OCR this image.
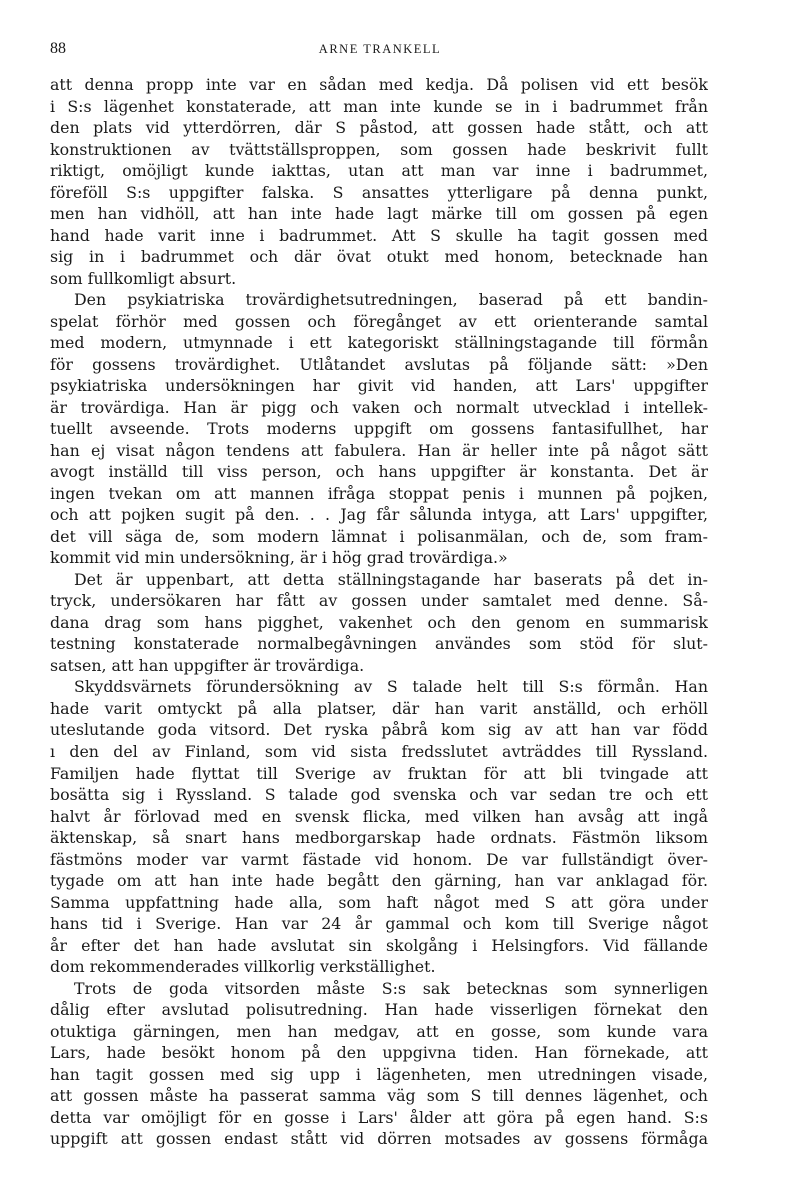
88	ARNE TRANKELL
att denna propp inte var en sådan med kedja. Då polisen vid ett besök
i S:s lägenhet konstaterade, att man inte kunde se in i badrummet från
den plats vid ytterdörren, där S påstod, att gossen hade stått, och att
konstruktionen av tvättställsproppen, som gossen hade beskrivit fullt
riktigt, omöjligt kunde iakttas, utan att man var inne i badrummet,
föreföll S:s uppgifter falska. S ansattes ytterligare på denna punkt,
men han vidhöll, att han inte hade lagt märke till om gossen på egen
hand hade varit inne i badrummet. Att S skulle ha tagit gossen med
sig in i badrummet och där övat otukt med honom, betecknade han
som fullkomligt absurt.
Den psykiatriska trovärdighetsutredningen, baserad på ett bandin-
spelat förhör med gossen och föregånget av ett orienterande samtal
med modern, utmynnade i ett kategoriskt ställningstagande till förmån
för gossens trovärdighet. Utlåtandet avslutas på följande sätt: »Den
psykiatriska undersökningen har givit vid handen, att Lars' uppgifter
är trovärdiga. Han är pigg och vaken och normalt utvecklad i intellek-
tuellt avseende. Trots moderns uppgift om gossens fantasifullhet, har
han ej visat någon tendens att fabulera. Han är heller inte på något sätt
avogt inställd till viss person, och hans uppgifter är konstanta. Det är
ingen tvekan om att mannen ifråga stoppat penis i munnen på pojken,
och att pojken sugit på den. . . Jag får sålunda intyga, att Lars' uppgifter,
det vill säga de, som modern lämnat i polisanmälan, och de, som fram-
kommit vid min undersökning, är i hög grad trovärdiga.»
Det är uppenbart, att detta ställningstagande har baserats på det in-
tryck, undersökaren har fått av gossen under samtalet med denne. Så-
dana drag som hans pigghet, vakenhet och den genom en summarisk
testning konstaterade normalbegåvningen användes som stöd för slut-
satsen, att han uppgifter är trovärdiga.
Skyddsvärnets förundersökning av S talade helt till S:s förmån. Han
hade varit omtyckt på alla platser, där han varit anställd, och erhöll
uteslutande goda vitsord. Det ryska påbrå kom sig av att han var född
ı den del av Finland, som vid sista fredsslutet avträddes till Ryssland.
Familjen hade flyttat till Sverige av fruktan för att bli tvingade att
bosätta sig i Ryssland. S talade god svenska och var sedan tre och ett
halvt år förlovad med en svensk flicka, med vilken han avsåg att ingå
äktenskap, så snart hans medborgarskap hade ordnats. Fästmön liksom
fästmöns moder var varmt fästade vid honom. De var fullständigt över-
tygade om att han inte hade begått den gärning, han var anklagad för.
Samma uppfattning hade alla, som haft något med S att göra under
hans tid i Sverige. Han var 24 år gammal och kom till Sverige något
år efter det han hade avslutat sin skolgång i Helsingfors. Vid fällande
dom rekommenderades villkorlig verkställighet.
Trots de goda vitsorden måste S:s sak betecknas som synnerligen
dålig efter avslutad polisutredning. Han hade visserligen förnekat den
otuktiga gärningen, men han medgav, att en gosse, som kunde vara
Lars, hade besökt honom på den uppgivna tiden. Han förnekade, att
han tagit gossen med sig upp i lägenheten, men utredningen visade,
att gossen måste ha passerat samma väg som S till dennes lägenhet, och
detta var omöjligt för en gosse i Lars' ålder att göra på egen hand. S:s
uppgift att gossen endast stått vid dörren motsades av gossens förmåga
